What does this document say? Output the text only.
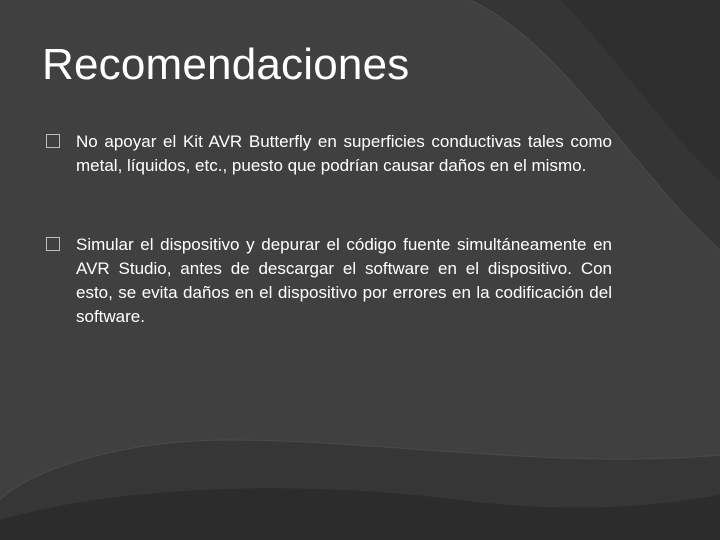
Recomendaciones
No apoyar el Kit AVR Butterfly en superficies conductivas tales como metal, líquidos, etc., puesto que podrían causar daños en el mismo.
Simular el dispositivo y depurar el código fuente simultáneamente en AVR Studio, antes de descargar el software en el dispositivo. Con esto, se evita daños en el dispositivo por errores en la codificación del software.
